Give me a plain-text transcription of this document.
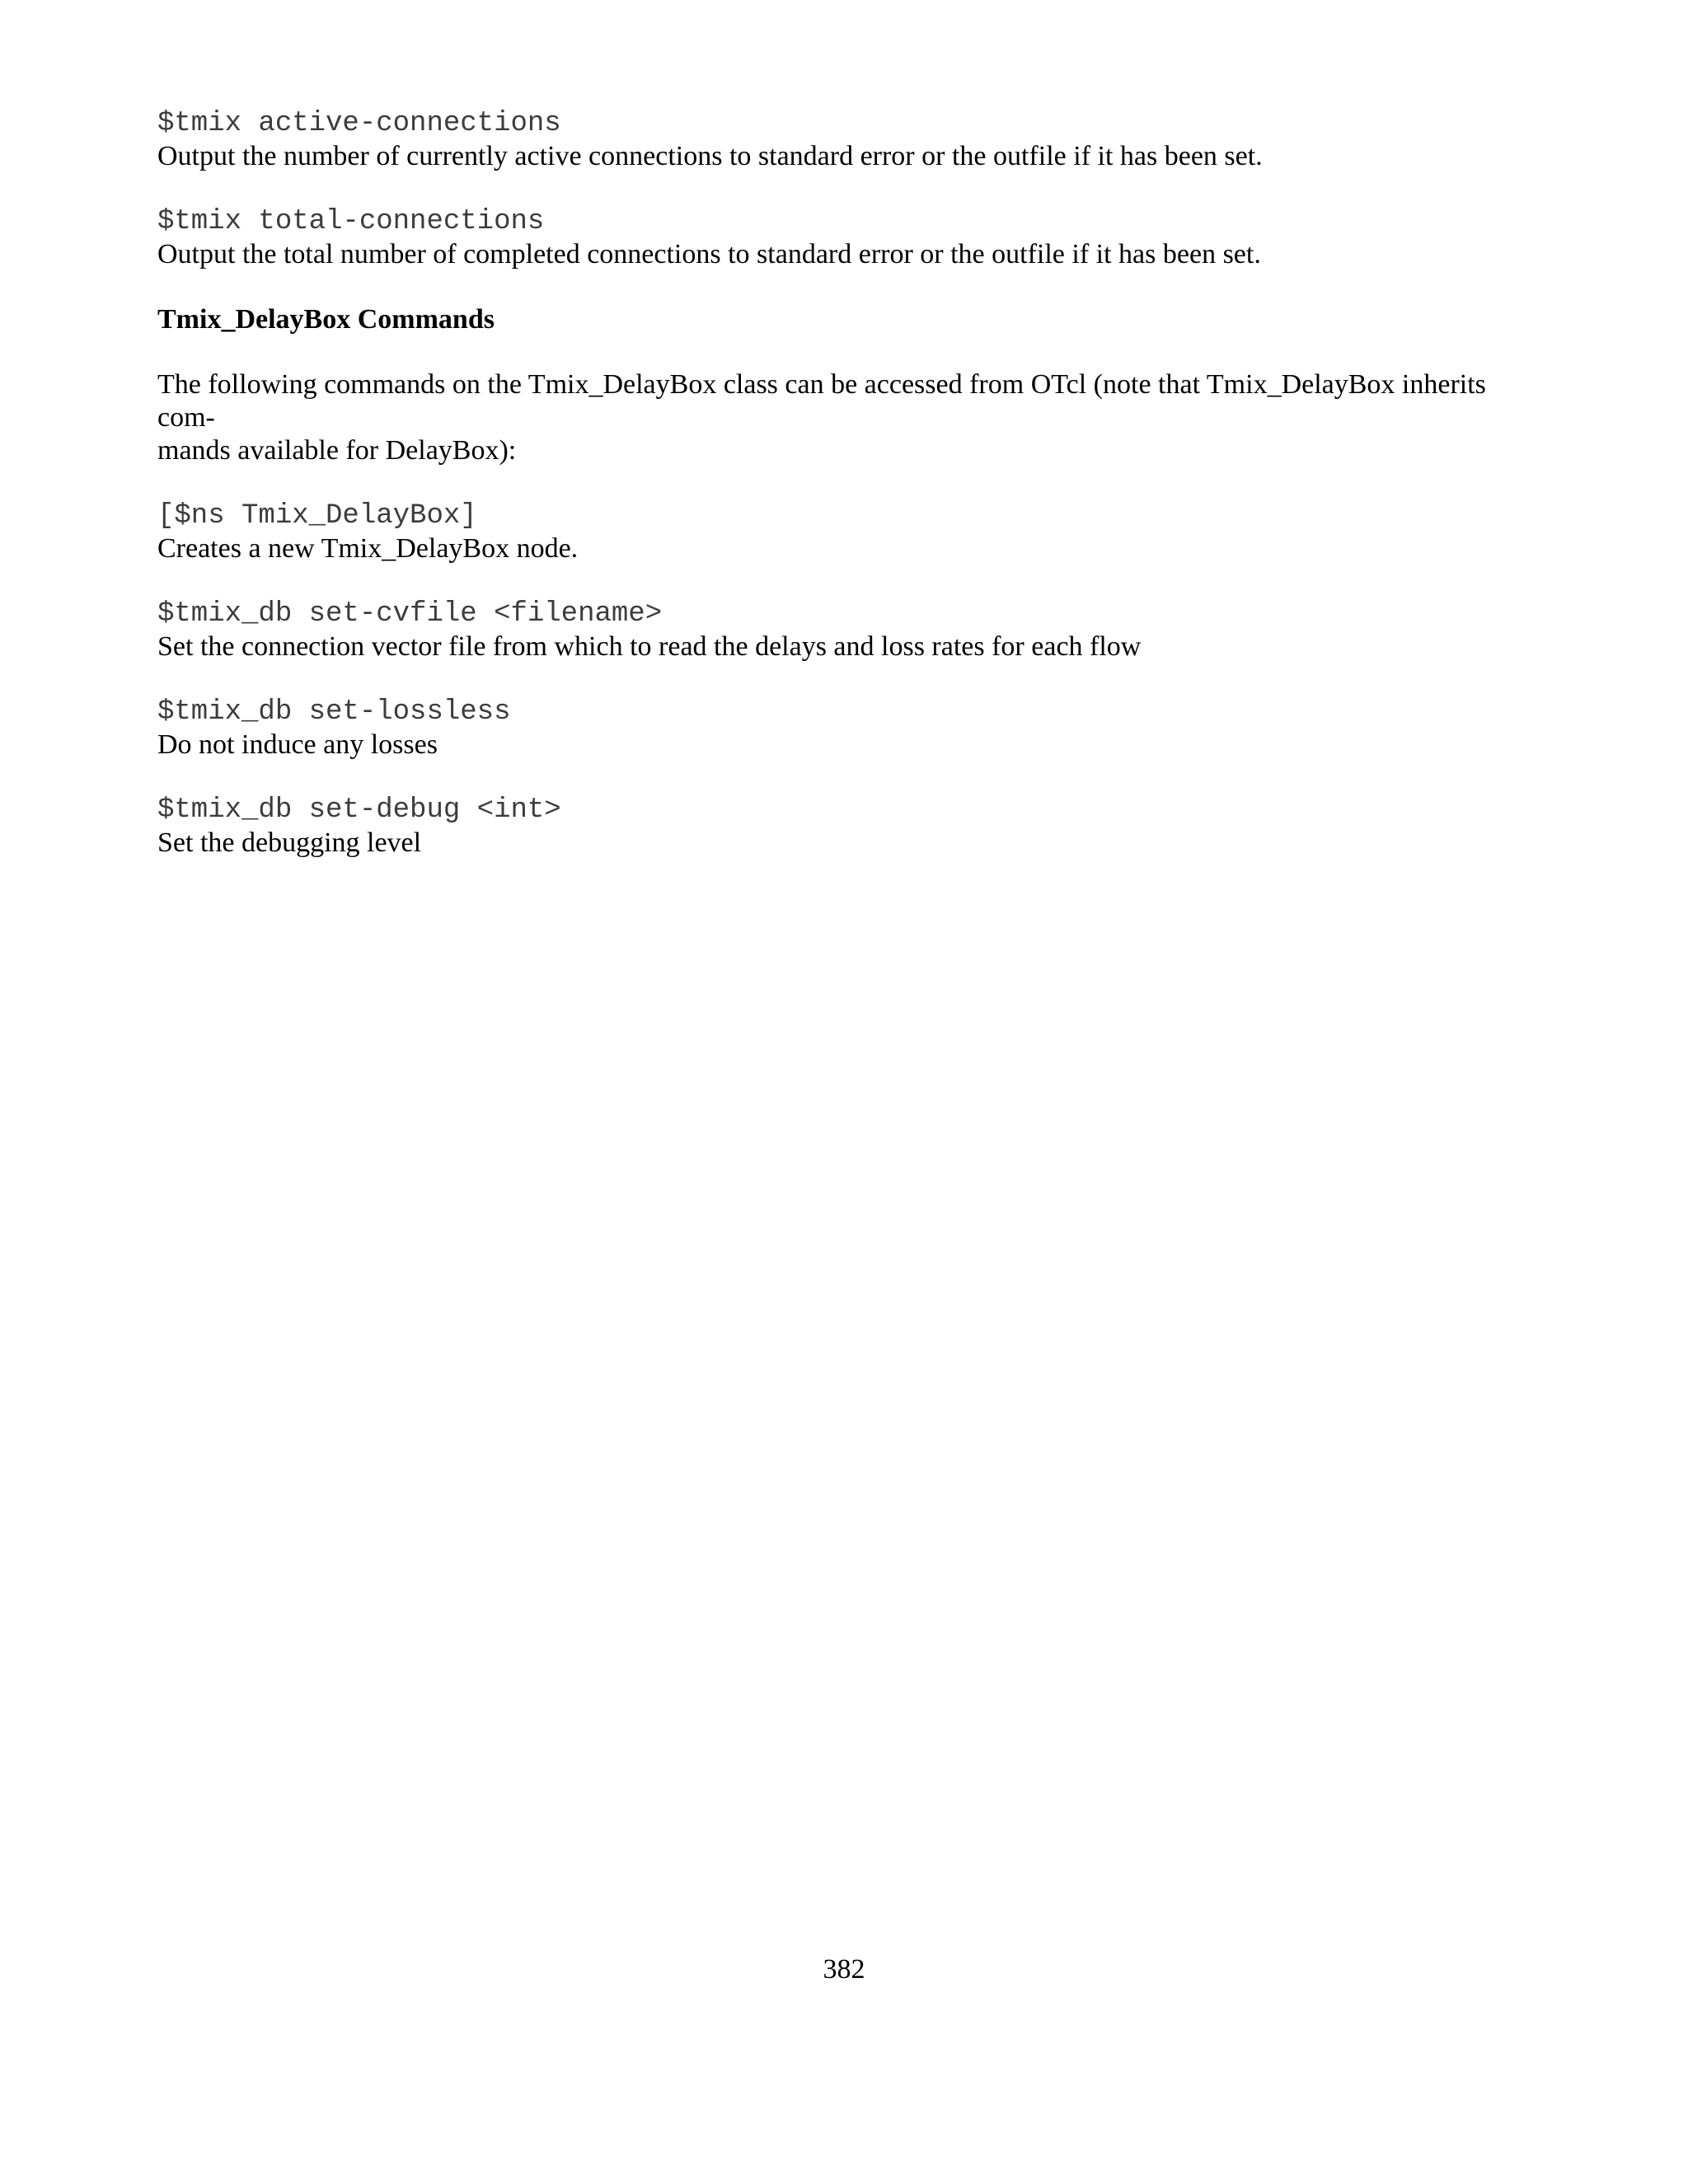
$tmix active-connections
Output the number of currently active connections to standard error or the outfile if it has been set.
$tmix total-connections
Output the total number of completed connections to standard error or the outfile if it has been set.
Tmix_DelayBox Commands
The following commands on the Tmix_DelayBox class can be accessed from OTcl (note that Tmix_DelayBox inherits com-
mands available for DelayBox):
[$ns Tmix_DelayBox]
Creates a new Tmix_DelayBox node.
$tmix_db set-cvfile <filename>
Set the connection vector file from which to read the delays and loss rates for each flow
$tmix_db set-lossless
Do not induce any losses
$tmix_db set-debug <int>
Set the debugging level
382
